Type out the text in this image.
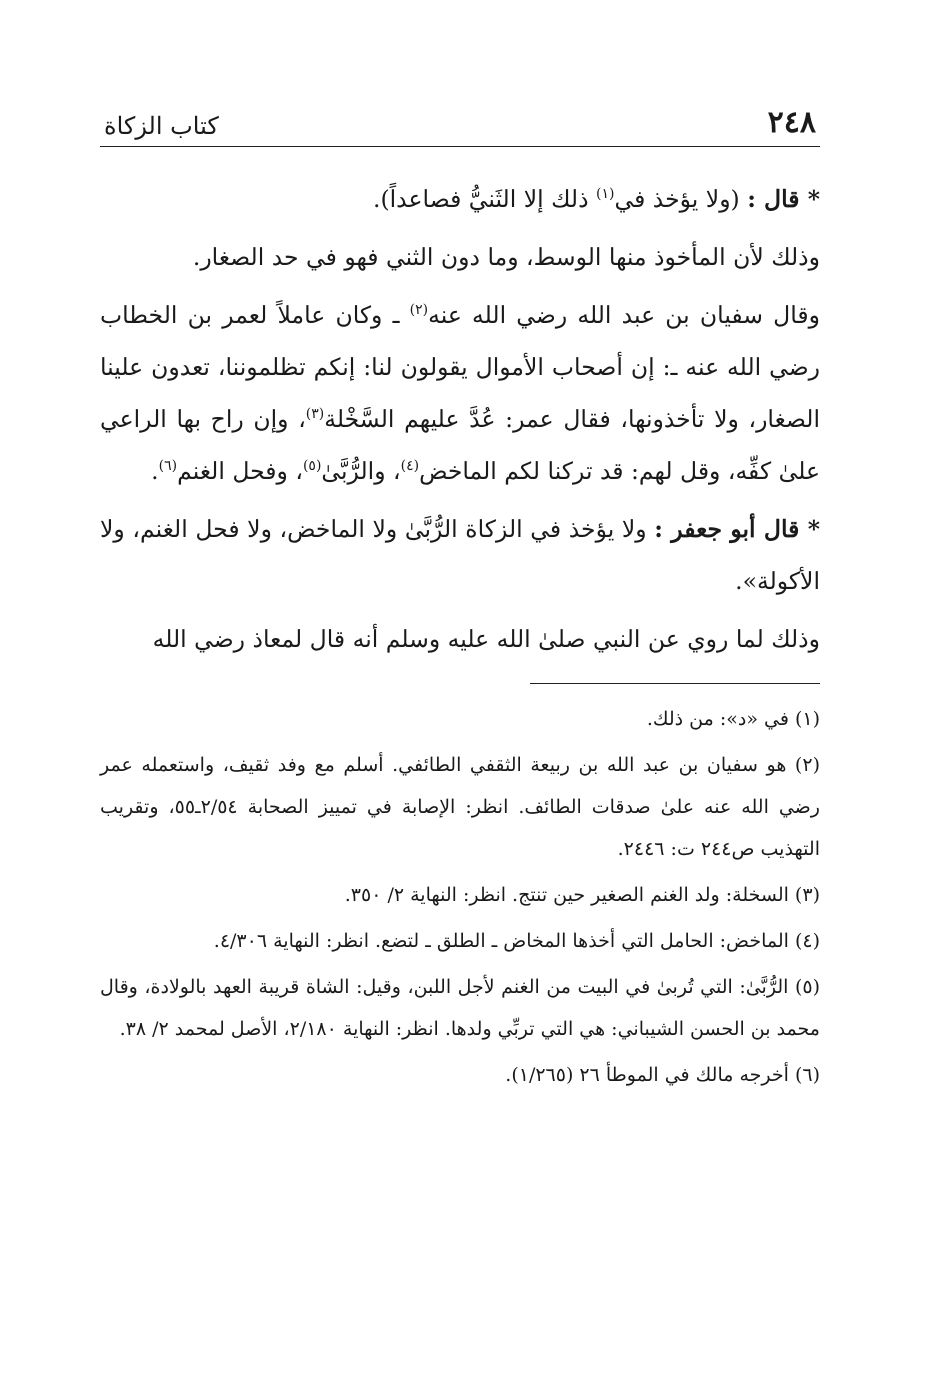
٢٤٨
كتاب الزكاة

* قال : (ولا يؤخذ في$^{(١)}$ ذلك إلا الثَنيُّ فصاعداً).

وذلك لأن المأخوذ منها الوسط، وما دون الثني فهو في حد الصغار.

وقال سفيان بن عبد الله رضي الله عنه$^{(٢)}$ ـ وكان عاملاً لعمر بن الخطاب رضي الله عنه ـ: إن أصحاب الأموال يقولون لنا: إنكم تظلموننا، تعدون علينا الصغار، ولا تأخذونها، فقال عمر: عُدَّ عليهم السَّخْلة$^{(٣)}$، وإن راح بها الراعي علىٰ كفِّه، وقل لهم: قد تركنا لكم الماخض$^{(٤)}$، والرُّبَّىٰ$^{(٥)}$، وفحل الغنم$^{(٦)}$.

* قال أبو جعفر : ولا يؤخذ في الزكاة الرُّبَّىٰ ولا الماخض، ولا فحل الغنم، ولا الأكولة».

وذلك لما روي عن النبي صلىٰ الله عليه وسلم أنه قال لمعاذ رضي الله

(١) في «د»: من ذلك.

(٢) هو سفيان بن عبد الله بن ربيعة الثقفي الطائفي. أسلم مع وفد ثقيف، واستعمله عمر رضي الله عنه علىٰ صدقات الطائف. انظر: الإصابة في تمييز الصحابة ٢/٥٤ـ٥٥، وتقريب التهذيب ص٢٤٤ ت: ٢٤٤٦.

(٣) السخلة: ولد الغنم الصغير حين تنتج. انظر: النهاية ٢/ ٣٥٠.

(٤) الماخض: الحامل التي أخذها المخاض ـ الطلق ـ لتضع. انظر: النهاية ٤/٣٠٦.

(٥) الرُّبَّىٰ: التي تُربىٰ في البيت من الغنم لأجل اللبن، وقيل: الشاة قريبة العهد بالولادة، وقال محمد بن الحسن الشيباني: هي التي تربِّي ولدها. انظر: النهاية ٢/١٨٠، الأصل لمحمد ٢/ ٣٨.

(٦) أخرجه مالك في الموطأ ٢٦ (١/٢٦٥).
